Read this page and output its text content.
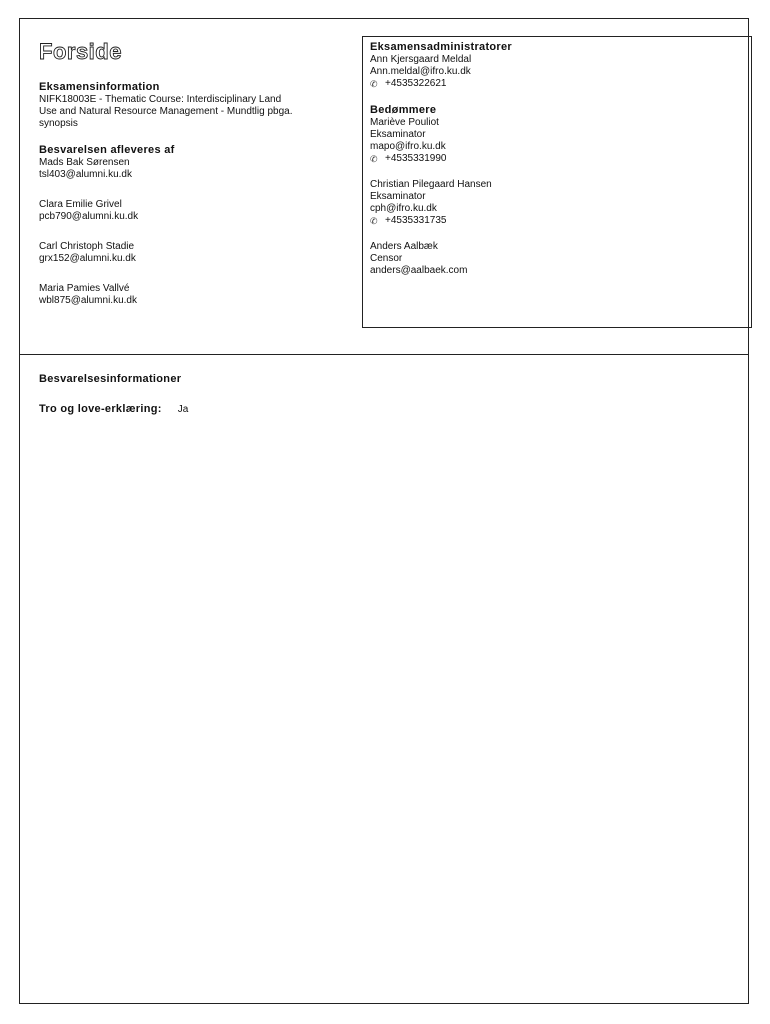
Forside

Eksamensinformation

NIFK18003E - Thematic Course: Interdisciplinary Land

Use and Natural Resource Management - Mundtlig pbga.

synopsis

Besvarelsen afleveres af

Mads Bak Sørensen

tsl403@alumni.ku.dk

Clara Emilie Grivel

pcb790@alumni.ku.dk

Carl Christoph Stadie

grx152@alumni.ku.dk

Maria Pamies Vallvé

wbl875@alumni.ku.dk

Eksamensadministratorer

Ann Kjersgaard Meldal

Ann.meldal@ifro.ku.dk

✆ +4535322621

Bedømmere

Mariève Pouliot

Eksaminator

mapo@ifro.ku.dk

✆ +4535331990

Christian Pilegaard Hansen

Eksaminator

cph@ifro.ku.dk

✆ +4535331735

Anders Aalbæk

Censor

anders@aalbaek.com

Besvarelsesinformationer

Tro og love-erklæring: Ja
